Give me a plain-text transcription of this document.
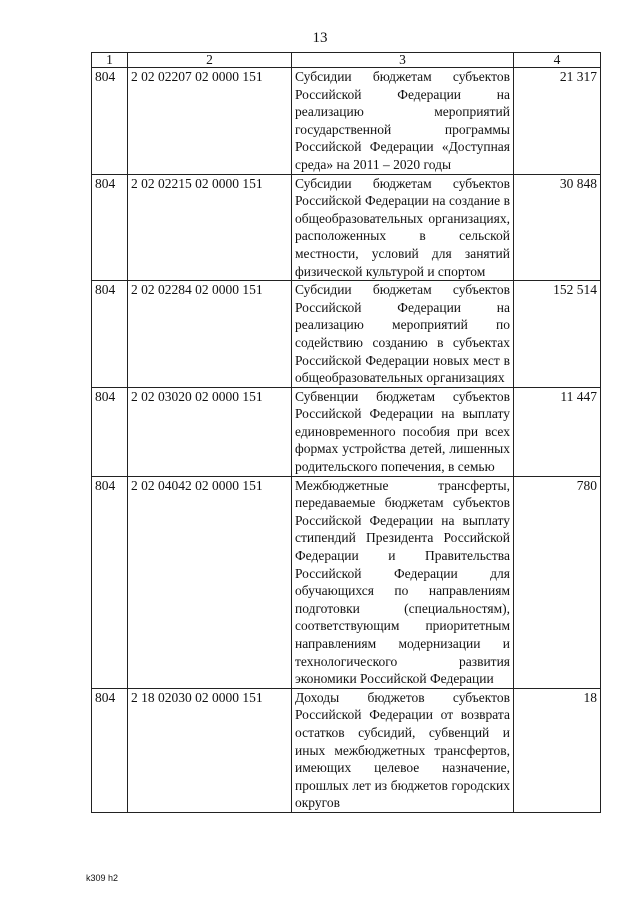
13
1	2	3	4
804	2 02 02207 02 0000 151	Субсидии бюджетам субъектов Российской Федерации на реализацию мероприятий государственной программы Российской Федерации «Доступная среда» на 2011 – 2020 годы	21 317
804	2 02 02215 02 0000 151	Субсидии бюджетам субъектов Российской Федерации на создание в общеобразовательных организациях, расположенных в сельской местности, условий для занятий физической культурой и спортом	30 848
804	2 02 02284 02 0000 151	Субсидии бюджетам субъектов Российской Федерации на реализацию мероприятий по содействию созданию в субъектах Российской Федерации новых мест в общеобразовательных организациях	152 514
804	2 02 03020 02 0000 151	Субвенции бюджетам субъектов Российской Федерации на выплату единовременного пособия при всех формах устройства детей, лишенных родительского попечения, в семью	11 447
804	2 02 04042 02 0000 151	Межбюджетные трансферты, передаваемые бюджетам субъектов Российской Федерации на выплату стипендий Президента Российской Федерации и Правительства Российской Федерации для обучающихся по направлениям подготовки (специальностям), соответствующим приоритетным направлениям модернизации и технологического развития экономики Российской Федерации	780
804	2 18 02030 02 0000 151	Доходы бюджетов субъектов Российской Федерации от возврата остатков субсидий, субвенций и иных межбюджетных трансфертов, имеющих целевое назначение, прошлых лет из бюджетов городских округов	18
k309 h2
